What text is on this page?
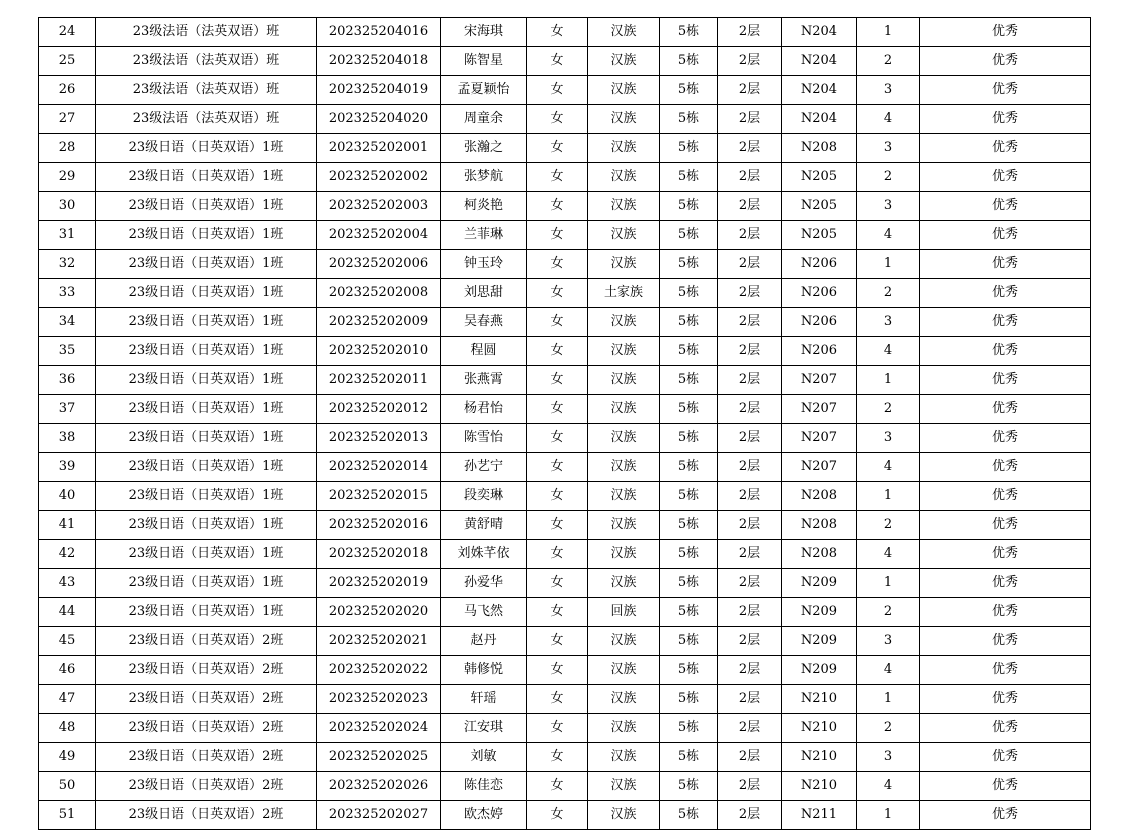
24	23级法语（法英双语）班	202325204016	宋海琪	女	汉族	5栋	2层	N204	1	优秀
25	23级法语（法英双语）班	202325204018	陈智星	女	汉族	5栋	2层	N204	2	优秀
26	23级法语（法英双语）班	202325204019	孟夏颖怡	女	汉族	5栋	2层	N204	3	优秀
27	23级法语（法英双语）班	202325204020	周童余	女	汉族	5栋	2层	N204	4	优秀
28	23级日语（日英双语）1班	202325202001	张瀚之	女	汉族	5栋	2层	N208	3	优秀
29	23级日语（日英双语）1班	202325202002	张梦航	女	汉族	5栋	2层	N205	2	优秀
30	23级日语（日英双语）1班	202325202003	柯炎艳	女	汉族	5栋	2层	N205	3	优秀
31	23级日语（日英双语）1班	202325202004	兰菲琳	女	汉族	5栋	2层	N205	4	优秀
32	23级日语（日英双语）1班	202325202006	钟玉玲	女	汉族	5栋	2层	N206	1	优秀
33	23级日语（日英双语）1班	202325202008	刘思甜	女	土家族	5栋	2层	N206	2	优秀
34	23级日语（日英双语）1班	202325202009	吴春燕	女	汉族	5栋	2层	N206	3	优秀
35	23级日语（日英双语）1班	202325202010	程圆	女	汉族	5栋	2层	N206	4	优秀
36	23级日语（日英双语）1班	202325202011	张燕霄	女	汉族	5栋	2层	N207	1	优秀
37	23级日语（日英双语）1班	202325202012	杨君怡	女	汉族	5栋	2层	N207	2	优秀
38	23级日语（日英双语）1班	202325202013	陈雪怡	女	汉族	5栋	2层	N207	3	优秀
39	23级日语（日英双语）1班	202325202014	孙艺宁	女	汉族	5栋	2层	N207	4	优秀
40	23级日语（日英双语）1班	202325202015	段奕琳	女	汉族	5栋	2层	N208	1	优秀
41	23级日语（日英双语）1班	202325202016	黄舒晴	女	汉族	5栋	2层	N208	2	优秀
42	23级日语（日英双语）1班	202325202018	刘姝芊依	女	汉族	5栋	2层	N208	4	优秀
43	23级日语（日英双语）1班	202325202019	孙爱华	女	汉族	5栋	2层	N209	1	优秀
44	23级日语（日英双语）1班	202325202020	马飞然	女	回族	5栋	2层	N209	2	优秀
45	23级日语（日英双语）2班	202325202021	赵丹	女	汉族	5栋	2层	N209	3	优秀
46	23级日语（日英双语）2班	202325202022	韩修悦	女	汉族	5栋	2层	N209	4	优秀
47	23级日语（日英双语）2班	202325202023	轩瑶	女	汉族	5栋	2层	N210	1	优秀
48	23级日语（日英双语）2班	202325202024	江安琪	女	汉族	5栋	2层	N210	2	优秀
49	23级日语（日英双语）2班	202325202025	刘敏	女	汉族	5栋	2层	N210	3	优秀
50	23级日语（日英双语）2班	202325202026	陈佳恋	女	汉族	5栋	2层	N210	4	优秀
51	23级日语（日英双语）2班	202325202027	欧杰婷	女	汉族	5栋	2层	N211	1	优秀
